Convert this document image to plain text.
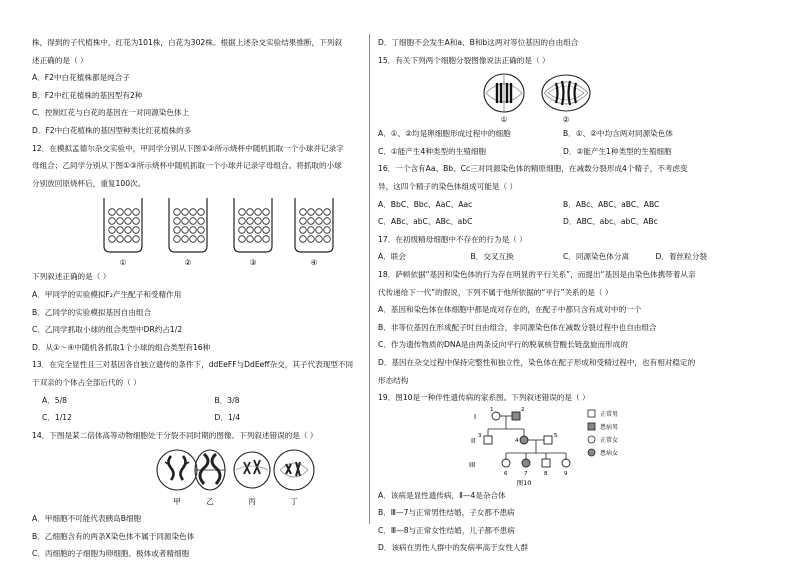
株，得到的子代植株中，红花为101株，白花为302株。根据上述杂交实验结果推断，下列叙
述正确的是（ ）
A．F2中白花植株都是纯合子
B．F2中红花植株的基因型有2种
C．控制红花与白花的基因在一对同源染色体上
D．F2中白花植株的基因型种类比红花植株的多
12．在模拟孟德尔杂交实验中，甲同学分别从下图①②所示烧杯中随机抓取一个小球并记录字
母组合；乙同学分别从下图①③所示烧杯中随机抓取一个小球并记录字母组合。将抓取的小球
分别放回原烧杯后，重复100次。
①	②	③	④
下列叙述正确的是（ ）
A．甲同学的实验模拟F₂产生配子和受精作用
B．乙同学的实验模拟基因自由组合
C．乙同学抓取小球的组合类型中DR约占1/2
D．从①～④中随机各抓取1个小球的组合类型有16种
13．在完全显性且三对基因各自独立遗传的条件下，ddEeFF与DdEeff杂交，其子代表现型不同
于双亲的个体占全部后代的（ ）
A．5/8	B．3/8
C．1/12	D．1/4
14．下图是某二倍体高等动物细胞处于分裂不同时期的图像。下列叙述错误的是（ ）
甲	乙	丙	丁
A．甲细胞不可能代表胰岛B细胞
B．乙细胞含有的两条X染色体不属于同源染色体
C．丙细胞的子细胞为卵细胞、极体或者精细胞
D．丁细胞不会发生A和a、B和b这两对等位基因的自由组合
15．有关下列两个细胞分裂图像说法正确的是（ ）
①	②
A．①、②均是卵细胞形成过程中的细胞	B．①、②中均含两对同源染色体
C．①能产生4种类型的生殖细胞	D．②能产生1种类型的生殖细胞
16．一个含有Aa、Bb、Cc三对同源染色体的精原细胞，在减数分裂形成4个精子，不考虑变
异，这四个精子的染色体组成可能是（ ）
A．BbC、Bbc、AaC、Aac	B．ABc、ABC、aBC、ABC
C．ABc、abC、ABc、abC	D．ABC、abc、abC、ABc
17．在初级精母细胞中不存在的行为是（ ）
A．联会	B．交叉互换	C．同源染色体分离	D．着丝粒分裂
18．萨顿依据“基因和染色体的行为存在明显的平行关系”，而提出“基因是由染色体携带着从亲
代传递给下一代”的假说，下列不属于他所依据的“平行”关系的是（ ）
A．基因和染色体在体细胞中都是成对存在的，在配子中都只含有成对中的一个
B．非等位基因在形成配子时自由组合，非同源染色体在减数分裂过程中也自由组合
C．作为遗传物质的DNA是由两条反向平行的脱氧核苷酸长链盘旋而形成的
D．基因在杂交过程中保持完整性和独立性，染色体在配子形成和受精过程中，也有相对稳定的
形态结构
19．图10是一种伴性遗传病的家系图。下列叙述错误的是（ ）
I
II
III
1	2
3
4
5
6	7	8	9
图10
正常男
患病男
正常女
患病女
A．该病是显性遗传病，Ⅱ—4是杂合体
B．Ⅲ—7与正常男性结婚，子女都不患病
C．Ⅲ—8与正常女性结婚，儿子都不患病
D．该病在男性人群中的发病率高于女性人群
